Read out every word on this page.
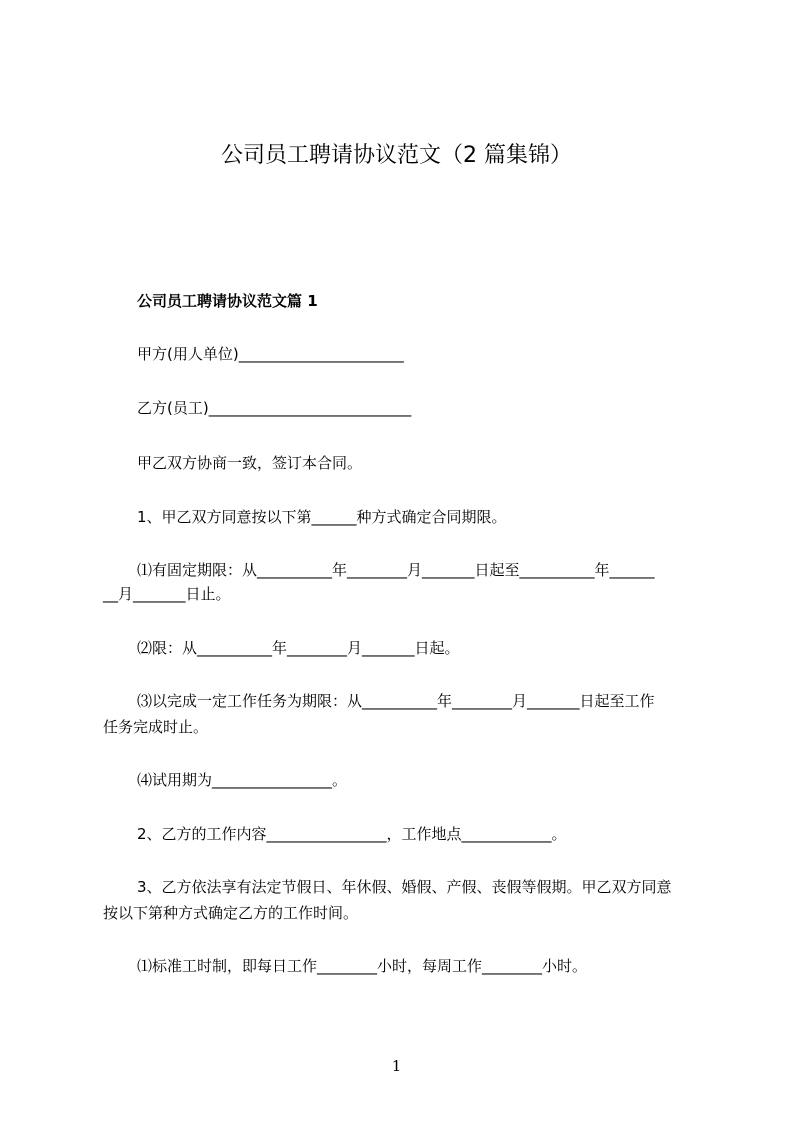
公司员工聘请协议范文（2 篇集锦）
公司员工聘请协议范文篇 1
甲方(用人单位)______________________
乙方(员工)___________________________
甲乙双方协商一致，签订本合同。
1、甲乙双方同意按以下第______种方式确定合同期限。
⑴有固定期限：从__________年________月_______日起至__________年______
__月_______日止。
⑵限：从__________年________月_______日起。
⑶以完成一定工作任务为期限：从__________年________月_______日起至工作
任务完成时止。
⑷试用期为________________。
2、乙方的工作内容________________，工作地点____________。
3、乙方依法享有法定节假日、年休假、婚假、产假、丧假等假期。甲乙双方同意
按以下第种方式确定乙方的工作时间。
⑴标准工时制，即每日工作________小时，每周工作________小时。
1
